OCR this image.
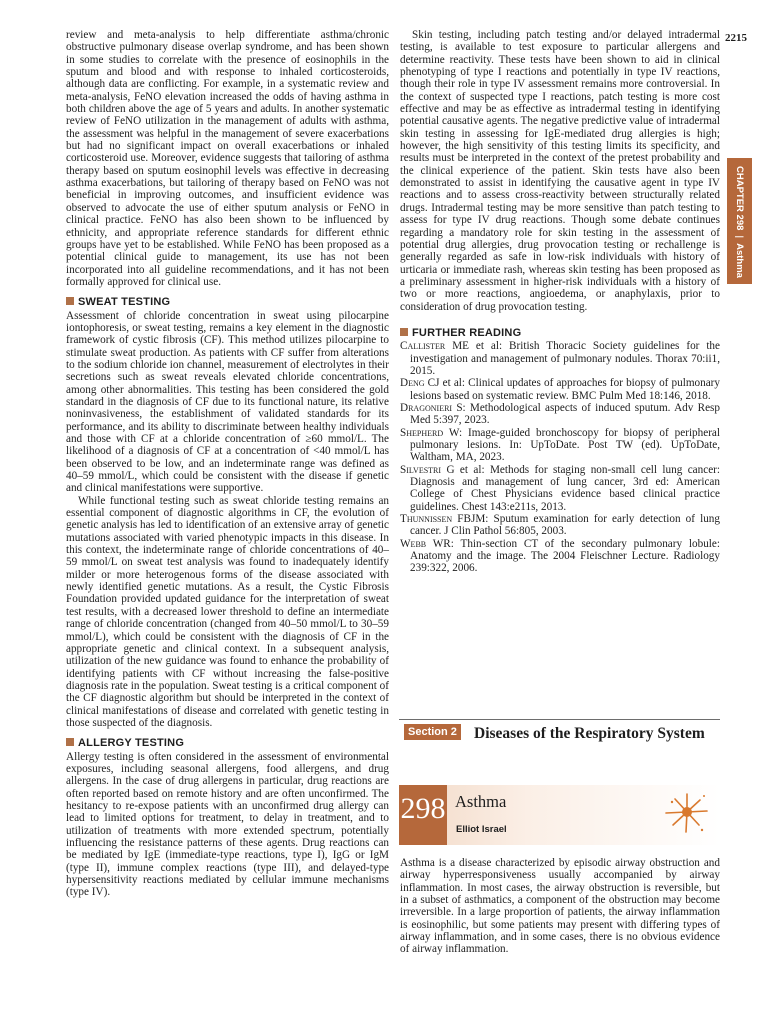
review and meta-analysis to help differentiate asthma/chronic obstructive pulmonary disease overlap syndrome, and has been shown in some studies to correlate with the presence of eosinophils in the sputum and blood and with response to inhaled corticosteroids, although data are conflicting. For example, in a systematic review and meta-analysis, FeNO elevation increased the odds of having asthma in both children above the age of 5 years and adults. In another systematic review of FeNO utilization in the management of adults with asthma, the assessment was helpful in the management of severe exacerbations but had no significant impact on overall exacerbations or inhaled corticosteroid use. Moreover, evidence suggests that tailoring of asthma therapy based on sputum eosinophil levels was effective in decreasing asthma exacerbations, but tailoring of therapy based on FeNO was not beneficial in improving outcomes, and insufficient evidence was observed to advocate the use of either sputum analysis or FeNO in clinical practice. FeNO has also been shown to be influenced by ethnicity, and appropriate reference standards for different ethnic groups have yet to be established. While FeNO has been proposed as a potential clinical guide to management, its use has not been incorporated into all guideline recommendations, and it has not been formally approved for clinical use.

SWEAT TESTING

Assessment of chloride concentration in sweat using pilocarpine iontophoresis, or sweat testing, remains a key element in the diagnostic framework of cystic fibrosis (CF). This method utilizes pilocarpine to stimulate sweat production. As patients with CF suffer from alterations to the sodium chloride ion channel, measurement of electrolytes in their secretions such as sweat reveals elevated chloride concentrations, among other abnormalities. This testing has been considered the gold standard in the diagnosis of CF due to its functional nature, its relative noninvasiveness, the establishment of validated standards for its performance, and its ability to discriminate between healthy individuals and those with CF at a chloride concentration of ≥60 mmol/L. The likelihood of a diagnosis of CF at a concentration of <40 mmol/L has been observed to be low, and an indeterminate range was defined as 40–59 mmol/L, which could be consistent with the disease if genetic and clinical manifestations were supportive.

While functional testing such as sweat chloride testing remains an essential component of diagnostic algorithms in CF, the evolution of genetic analysis has led to identification of an extensive array of genetic mutations associated with varied phenotypic impacts in this disease. In this context, the indeterminate range of chloride concentrations of 40–59 mmol/L on sweat test analysis was found to inadequately identify milder or more heterogenous forms of the disease associated with newly identified genetic mutations. As a result, the Cystic Fibrosis Foundation provided updated guidance for the interpretation of sweat test results, with a decreased lower threshold to define an intermediate range of chloride concentration (changed from 40–50 mmol/L to 30–59 mmol/L), which could be consistent with the diagnosis of CF in the appropriate genetic and clinical context. In a subsequent analysis, utilization of the new guidance was found to enhance the probability of identifying patients with CF without increasing the false-positive diagnosis rate in the population. Sweat testing is a critical component of the CF diagnostic algorithm but should be interpreted in the context of clinical manifestations of disease and correlated with genetic testing in those suspected of the diagnosis.

ALLERGY TESTING

Allergy testing is often considered in the assessment of environmental exposures, including seasonal allergens, food allergens, and drug allergens. In the case of drug allergens in particular, drug reactions are often reported based on remote history and are often unconfirmed. The hesitancy to re-expose patients with an unconfirmed drug allergy can lead to limited options for treatment, to delay in treatment, and to utilization of treatments with more extended spectrum, potentially influencing the resistance patterns of these agents. Drug reactions can be mediated by IgE (immediate-type reactions, type I), IgG or IgM (type II), immune complex reactions (type III), and delayed-type hypersensitivity reactions mediated by cellular immune mechanisms (type IV).

Skin testing, including patch testing and/or delayed intradermal testing, is available to test exposure to particular allergens and determine reactivity. These tests have been shown to aid in clinical phenotyping of type I reactions and potentially in type IV reactions, though their role in type IV assessment remains more controversial. In the context of suspected type I reactions, patch testing is more cost effective and may be as effective as intradermal testing in identifying potential causative agents. The negative predictive value of intradermal skin testing in assessing for IgE-mediated drug allergies is high; however, the high sensitivity of this testing limits its specificity, and results must be interpreted in the context of the pretest probability and the clinical experience of the patient. Skin tests have also been demonstrated to assist in identifying the causative agent in type IV reactions and to assess cross-reactivity between structurally related drugs. Intradermal testing may be more sensitive than patch testing to assess for type IV drug reactions. Though some debate continues regarding a mandatory role for skin testing in the assessment of potential drug allergies, drug provocation testing or rechallenge is generally regarded as safe in low-risk individuals with history of urticaria or immediate rash, whereas skin testing has been proposed as a preliminary assessment in higher-risk individuals with a history of two or more reactions, angioedema, or anaphylaxis, prior to consideration of drug provocation testing.

FURTHER READING
Callister ME et al: British Thoracic Society guidelines for the investigation and management of pulmonary nodules. Thorax 70:ii1, 2015.
Deng CJ et al: Clinical updates of approaches for biopsy of pulmonary lesions based on systematic review. BMC Pulm Med 18:146, 2018.
Dragonieri S: Methodological aspects of induced sputum. Adv Resp Med 5:397, 2023.
Shepherd W: Image-guided bronchoscopy for biopsy of peripheral pulmonary lesions. In: UpToDate. Post TW (ed). UpToDate, Waltham, MA, 2023.
Silvestri G et al: Methods for staging non-small cell lung cancer: Diagnosis and management of lung cancer, 3rd ed: American College of Chest Physicians evidence based clinical practice guidelines. Chest 143:e211s, 2013.
Thunnissen FBJM: Sputum examination for early detection of lung cancer. J Clin Pathol 56:805, 2003.
Webb WR: Thin-section CT of the secondary pulmonary lobule: Anatomy and the image. The 2004 Fleischner Lecture. Radiology 239:322, 2006.
2215
CHAPTER 298
|
Asthma
Diseases of the Respiratory System
Section 2
298 Asthma
Elliot Israel

Asthma is a disease characterized by episodic airway obstruction and airway hyperresponsiveness usually accompanied by airway inflammation. In most cases, the airway obstruction is reversible, but in a subset of asthmatics, a component of the obstruction may become irreversible. In a large proportion of patients, the airway inflammation is eosinophilic, but some patients may present with differing types of airway inflammation, and in some cases, there is no obvious evidence of airway inflammation.
